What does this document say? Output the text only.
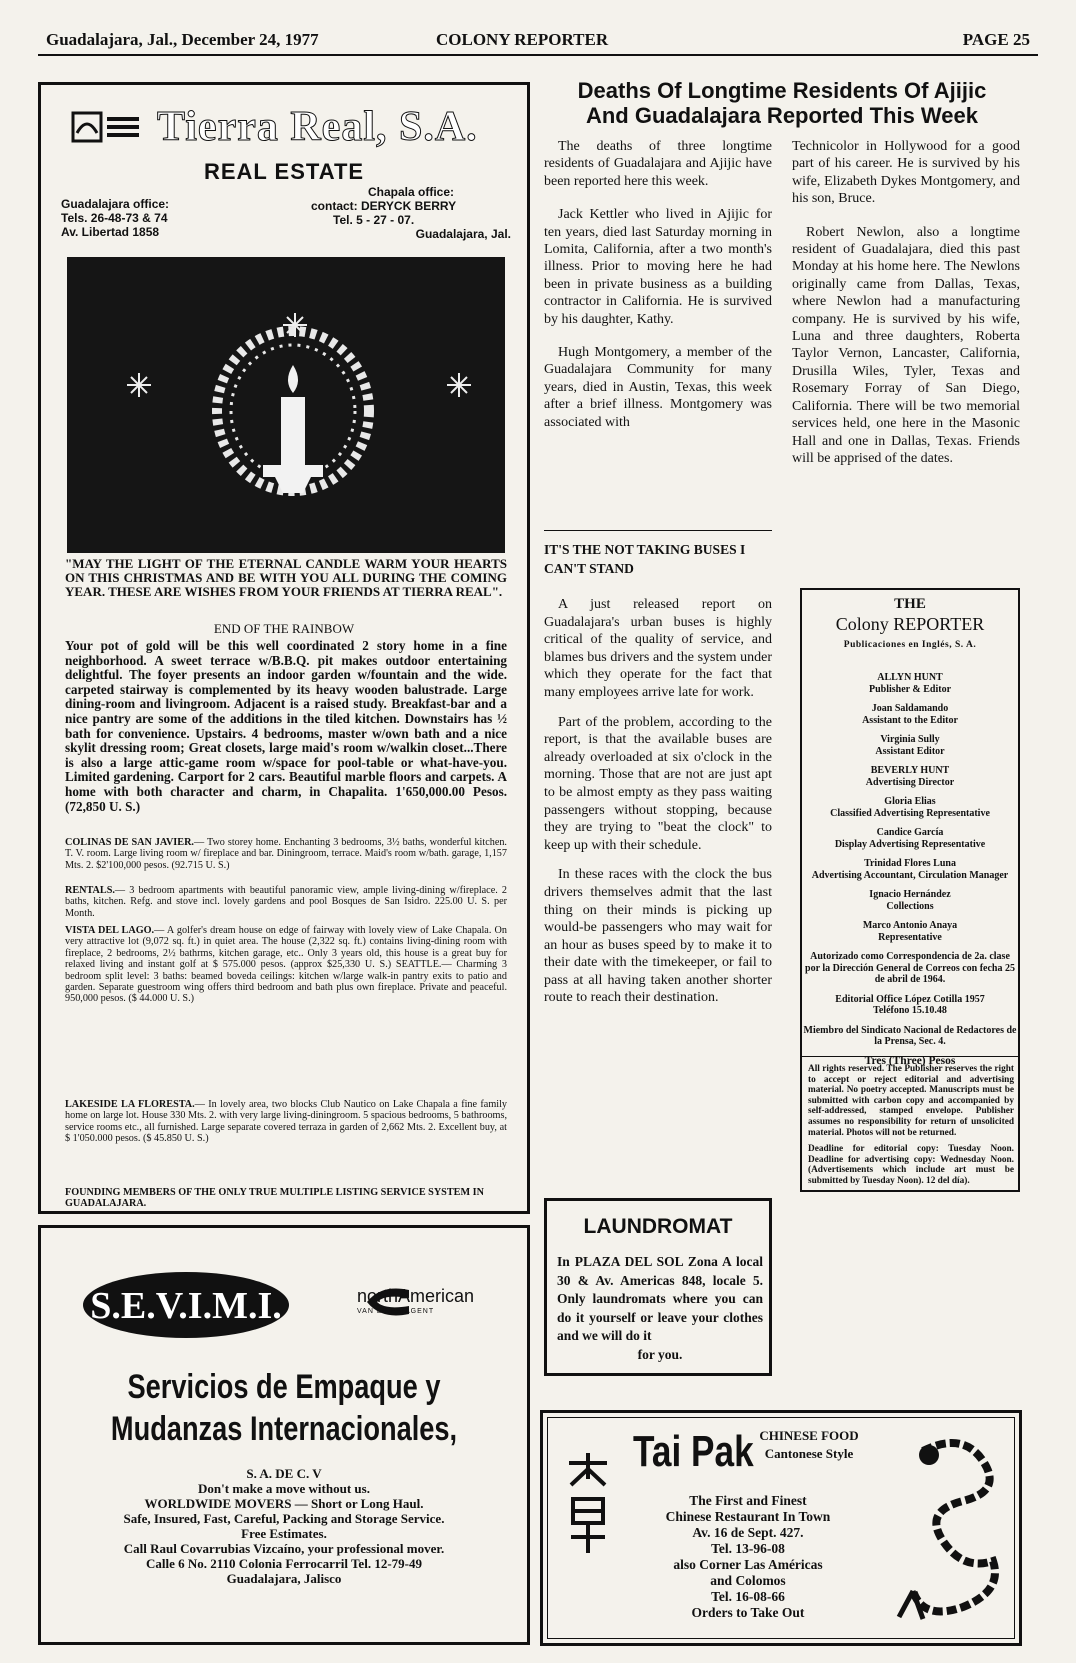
Guadalajara, Jal., December 24, 1977	COLONY REPORTER	PAGE 25
Tierra Real, S.A.
REAL ESTATE
Guadalajara office:
Tels. 26-48-73 & 74
Av. Libertad 1858
Chapala office:
contact: DERYCK BERRY
Tel. 5 - 27 - 07.
Guadalajara, Jal.
"MAY THE LIGHT OF THE ETERNAL CANDLE WARM YOUR HEARTS ON THIS CHRISTMAS AND BE WITH YOU ALL DURING THE COMING YEAR. THESE ARE WISHES FROM YOUR FRIENDS AT TIERRA REAL".
END OF THE RAINBOW
Your pot of gold will be this well coordinated 2 story home in a fine neighborhood. A sweet terrace w/B.B.Q. pit makes outdoor entertaining delightful. The foyer presents an indoor garden w/fountain and the wide. carpeted stairway is complemented by its heavy wooden balustrade. Large dining-room and livingroom. Adjacent is a raised study. Breakfast-bar and a nice pantry are some of the additions in the tiled kitchen. Downstairs has ½ bath for convenience. Upstairs. 4 bedrooms, master w/own bath and a nice skylit dressing room; Great closets, large maid's room w/walkin closet...There is also a large attic-game room w/space for pool-table or what-have-you. Limited gardening. Carport for 2 cars. Beautiful marble floors and carpets. A home with both character and charm, in Chapalita. 1'650,000.00 Pesos. (72,850 U. S.)
COLINAS DE SAN JAVIER.— Two storey home. Enchanting 3 bedrooms, 3½ baths, wonderful kitchen. T. V. room. Large living room w/ fireplace and bar. Diningroom, terrace. Maid's room w/bath. garage, 1,157 Mts. 2. $2'100,000 pesos. (92.715 U. S.)
RENTALS.— 3 bedroom apartments with beautiful panoramic view, ample living-dining w/fireplace. 2 baths, kitchen. Refg. and stove incl. lovely gardens and pool Bosques de San Isidro. 225.00 U. S. per Month.
VISTA DEL LAGO.— A golfer's dream house on edge of fairway with lovely view of Lake Chapala. On very attractive lot (9,072 sq. ft.) in quiet area. The house (2,322 sq. ft.) contains living-dining room with fireplace, 2 bedrooms, 2½ bathrms, kitchen garage, etc.. Only 3 years old, this house is a great buy for relaxed living and instant golf at $ 575.000 pesos. (approx $25,330 U. S.) SEATTLE.— Charming 3 bedroom split level: 3 baths: beamed boveda ceilings: kitchen w/large walk-in pantry exits to patio and garden. Separate guestroom wing offers third bedroom and bath plus own fireplace. Private and peaceful. 950,000 pesos. ($ 44.000 U. S.)
LAKESIDE LA FLORESTA.— In lovely area, two blocks Club Nautico on Lake Chapala a fine family home on large lot. House 330 Mts. 2. with very large living-diningroom. 5 spacious bedrooms, 5 bathrooms, service rooms etc., all furnished. Large separate covered terraza in garden of 2,662 Mts. 2. Excellent buy, at $ 1'050.000 pesos. ($ 45.850 U. S.)
FOUNDING MEMBERS OF THE ONLY TRUE MULTIPLE LISTING SERVICE SYSTEM IN GUADALAJARA.
S.E.V.I.M.I.	northAmerican
VAN LINES/AGENT
Servicios de Empaque y
Mudanzas Internacionales,
S. A. DE C. V
Don't make a move without us.
WORLDWIDE MOVERS — Short or Long Haul.
Safe, Insured, Fast, Careful, Packing and Storage Service.
Free Estimates.
Call Raul Covarrubias Vizcaíno, your professional mover.
Calle 6 No. 2110 Colonia Ferrocarril Tel. 12-79-49
Guadalajara, Jalisco
Deaths Of Longtime Residents Of Ajijic
And Guadalajara Reported This Week

The deaths of three longtime residents of Guadalajara and Ajijic have been reported here this week.

Jack Kettler who lived in Ajijic for ten years, died last Saturday morning in Lomita, California, after a two month's illness. Prior to moving here he had been in private business as a building contractor in California. He is survived by his daughter, Kathy.

Hugh Montgomery, a member of the Guadalajara Community for many years, died in Austin, Texas, this week after a brief illness. Montgomery was associated with

Technicolor in Hollywood for a good part of his career. He is survived by his wife, Elizabeth Dykes Montgomery, and his son, Bruce.

Robert Newlon, also a longtime resident of Guadalajara, died this past Monday at his home here. The Newlons originally came from Dallas, Texas, where Newlon had a manufacturing company. He is survived by his wife, Luna and three daughters, Roberta Taylor Vernon, Lancaster, California, Drusilla Wiles, Tyler, Texas and Rosemary Forray of San Diego, California. There will be two memorial services held, one here in the Masonic Hall and one in Dallas, Texas. Friends will be apprised of the dates.

IT'S THE NOT TAKING BUSES I CAN'T STAND

A just released report on Guadalajara's urban buses is highly critical of the quality of service, and blames bus drivers and the system under which they operate for the fact that many employees arrive late for work.

Part of the problem, according to the report, is that the available buses are already overloaded at six o'clock in the morning. Those that are not are just apt to be almost empty as they pass waiting passengers without stopping, because they are trying to "beat the clock" to keep up with their schedule.

In these races with the clock the bus drivers themselves admit that the last thing on their minds is picking up would-be passengers who may wait for an hour as buses speed by to make it to their date with the timekeeper, or fail to pass at all having taken another shorter route to reach their destination.

LAUNDROMAT
In PLAZA DEL SOL Zona A local 30 & Av. Americas 848, locale 5. Only laundromats where you can do it yourself or leave your clothes and we will do it
for you.
THE
Colony REPORTER
Publicaciones en Inglés, S. A.
ALLYN HUNT
Publisher & Editor
Joan Saldamando
Assistant to the Editor
Virginia Sully
Assistant Editor
BEVERLY HUNT
Advertising Director
Gloria Elias
Classified Advertising Representative
Candice García
Display Advertising Representative
Trinidad Flores Luna
Advertising Accountant, Circulation Manager
Ignacio Hernández
Collections
Marco Antonio Anaya
Representative
Autorizado como Correspondencia de 2a. clase por la Dirección General de Correos con fecha 25 de abril de 1964.
Editorial Office López Cotilla 1957
Teléfono 15.10.48
Miembro del Sindicato Nacional de Redactores de la Prensa, Sec. 4.
Tres (Three) Pesos
All rights reserved. The Publisher reserves the right to accept or reject editorial and advertising material. No poetry accepted. Manuscripts must be submitted with carbon copy and accompanied by self-addressed, stamped envelope. Publisher assumes no responsibility for return of unsolicited material. Photos will not be returned.
Deadline for editorial copy: Tuesday Noon. Deadline for advertising copy: Wednesday Noon. (Advertisements which include art must be submitted by Tuesday Noon). 12 del día).
Tai Pak CHINESE FOOD
Cantonese Style
The First and Finest
Chinese Restaurant In Town
Av. 16 de Sept. 427.
Tel. 13-96-08
also Corner Las Américas
and Colomos
Tel. 16-08-66
Orders to Take Out
